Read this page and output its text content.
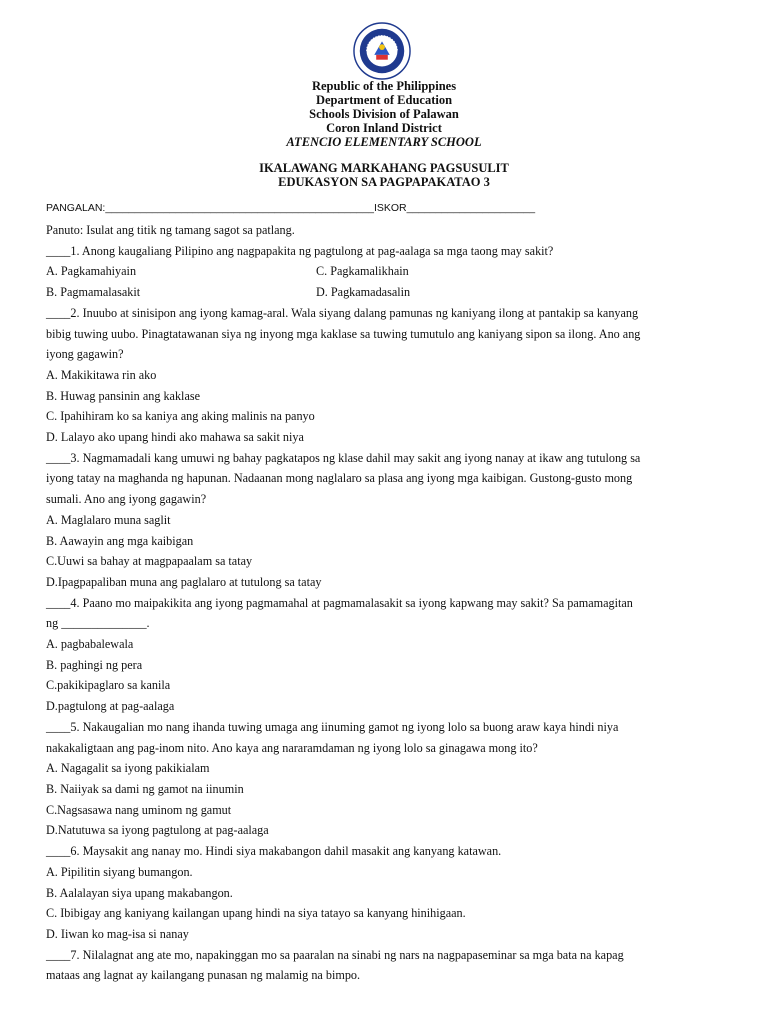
Republic of the Philippines
Department of Education
Schools Division of Palawan
Coron Inland District
ATENCIO ELEMENTARY SCHOOL
IKALAWANG MARKAHANG PAGSUSULIT
EDUKASYON SA PAGPAPAKATAO 3
PANGALAN:______________________________________________ISKOR______________________
Panuto: Isulat ang titik ng tamang sagot sa patlang.
____1. Anong kaugaliang Pilipino ang nagpapakita ng pagtulong at pag-aalaga sa mga taong may sakit?
A. Pagkamahiyain	C. Pagkamalikhain
B. Pagmamalasakit	D. Pagkamadasalin
____2. Inuubo at sinisipon ang iyong kamag-aral. Wala siyang dalang pamunas ng kaniyang ilong at pantakip sa kanyang
bibig tuwing uubo. Pinagtatawanan siya ng inyong mga kaklase sa tuwing tumutulo ang kaniyang sipon sa ilong. Ano ang
iyong gagawin?
A. Makikitawa rin ako
B. Huwag pansinin ang kaklase
C. Ipahihiram ko sa kaniya ang aking malinis na panyo
D. Lalayo ako upang hindi ako mahawa sa sakit niya
____3. Nagmamadali kang umuwi ng bahay pagkatapos ng klase dahil may sakit ang iyong nanay at ikaw ang tutulong sa
iyong tatay na maghanda ng hapunan. Nadaanan mong naglalaro sa plasa ang iyong mga kaibigan. Gustong-gusto mong
sumali. Ano ang iyong gagawin?
A. Maglalaro muna saglit
B. Aawayin ang mga kaibigan
C.Uuwi sa bahay at magpapaalam sa tatay
D.Ipagpapaliban muna ang paglalaro at tutulong sa tatay
____4. Paano mo maipakikita ang iyong pagmamahal at pagmamalasakit sa iyong kapwang may sakit? Sa pamamagitan
ng ______________.
A. pagbabalewala
B. paghingi ng pera
C.pakikipaglaro sa kanila
D.pagtulong at pag-aalaga
____5. Nakaugalian mo nang ihanda tuwing umaga ang iinuming gamot ng iyong lolo sa buong araw kaya hindi niya
nakakaligtaan ang pag-inom nito. Ano kaya ang nararamdaman ng iyong lolo sa ginagawa mong ito?
A. Nagagalit sa iyong pakikialam
B. Naiiyak sa dami ng gamot na iinumin
C.Nagsasawa nang uminom ng gamut
D.Natutuwa sa iyong pagtulong at pag-aalaga
____6. Maysakit ang nanay mo. Hindi siya makabangon dahil masakit ang kanyang katawan.
A. Pipilitin siyang bumangon.
B. Aalalayan siya upang makabangon.
C. Ibibigay ang kaniyang kailangan upang hindi na siya tatayo sa kanyang hinihigaan.
D. Iiwan ko mag-isa si nanay
____7. Nilalagnat ang ate mo, napakinggan mo sa paaralan na sinabi ng nars na nagpapaseminar sa mga bata na kapag
mataas ang lagnat ay kailangang punasan ng malamig na bimpo.
